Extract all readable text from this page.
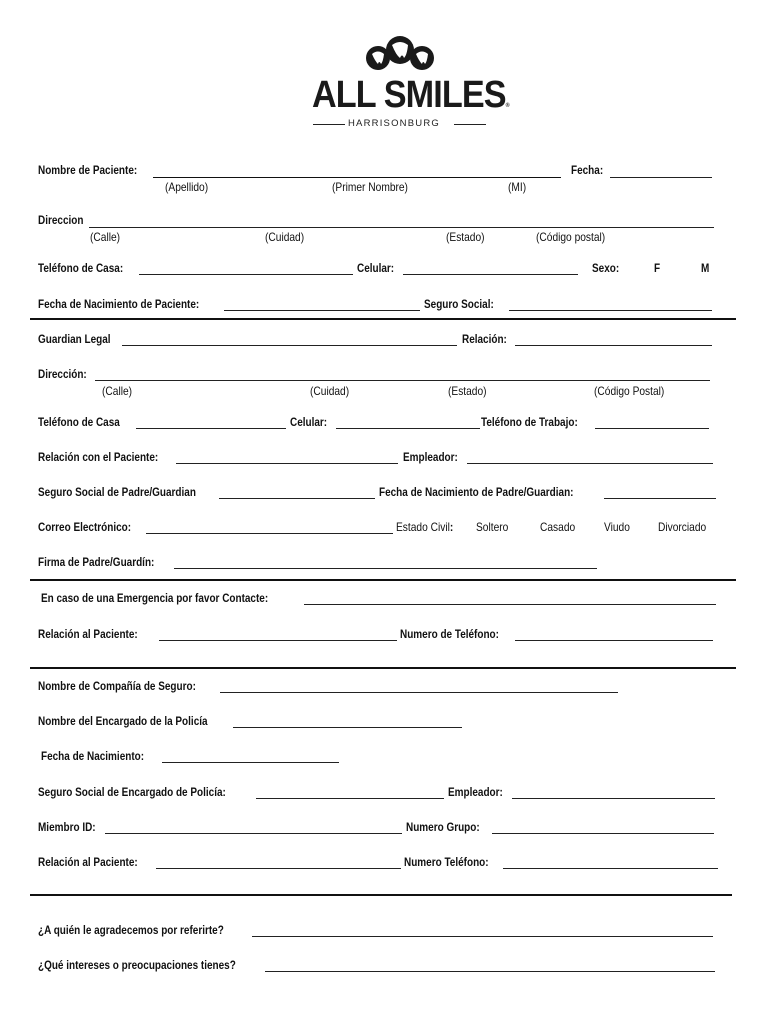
ALL SMILES®
HARRISONBURG
Nombre de Paciente:	Fecha:
(Apellido)	(Primer Nombre)	(MI)
Direccion
(Calle)	(Cuidad)	(Estado)	(Código postal)
Teléfono de Casa:	Celular:	Sexo:	F	M
Fecha de Nacimiento de Paciente:	Seguro Social:
Guardian Legal	Relación:
Dirección:
(Calle)	(Cuidad)	(Estado)	(Código Postal)
Teléfono de Casa	Celular:	Teléfono de Trabajo:
Relación con el Paciente:	Empleador:
Seguro Social de Padre/Guardian	Fecha de Nacimiento de Padre/Guardian:
Correo Electrónico:	Estado Civil: Soltero	Casado Viudo Divorciado
Firma de Padre/Guardín:
En caso de una Emergencia por favor Contacte:
Relación al Paciente:	Numero de Teléfono:
Nombre de Compañía de Seguro:
Nombre del Encargado de la Policía
Fecha de Nacimiento:
Seguro Social de Encargado de Policía:	Empleador:
Miembro ID:	Numero Grupo:
Relación al Paciente:	Numero Teléfono:
¿A quién le agradecemos por referirte?
¿Qué intereses o preocupaciones tienes?
